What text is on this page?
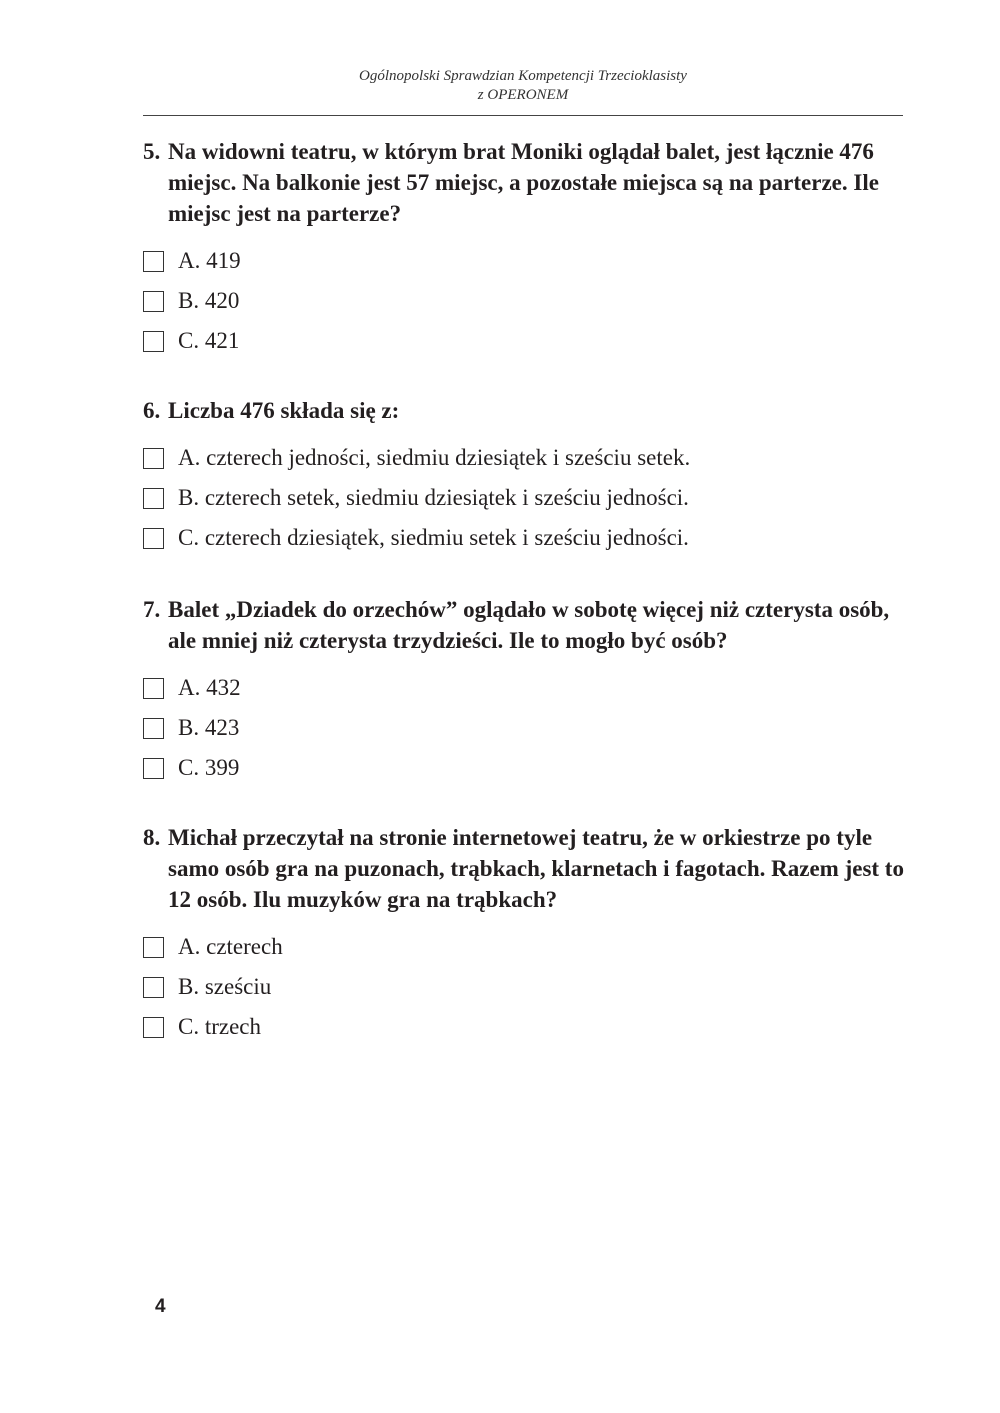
Ogólnopolski Sprawdzian Kompetencji Trzecioklasisty
z OPERONEM
5. Na widowni teatru, w którym brat Moniki oglądał balet, jest łącznie 476 miejsc. Na balkonie jest 57 miejsc, a pozostałe miejsca są na parterze. Ile miejsc jest na parterze?
A. 419
B. 420
C. 421
6. Liczba 476 składa się z:
A. czterech jedności, siedmiu dziesiątek i sześciu setek.
B. czterech setek, siedmiu dziesiątek i sześciu jedności.
C. czterech dziesiątek, siedmiu setek i sześciu jedności.
7. Balet „Dziadek do orzechów” oglądało w sobotę więcej niż czterysta osób, ale mniej niż czterysta trzydzieści. Ile to mogło być osób?
A. 432
B. 423
C. 399
8. Michał przeczytał na stronie internetowej teatru, że w orkiestrze po tyle samo osób gra na puzonach, trąbkach, klarnetach i fagotach. Razem jest to 12 osób. Ilu muzyków gra na trąbkach?
A. czterech
B. sześciu
C. trzech
4
